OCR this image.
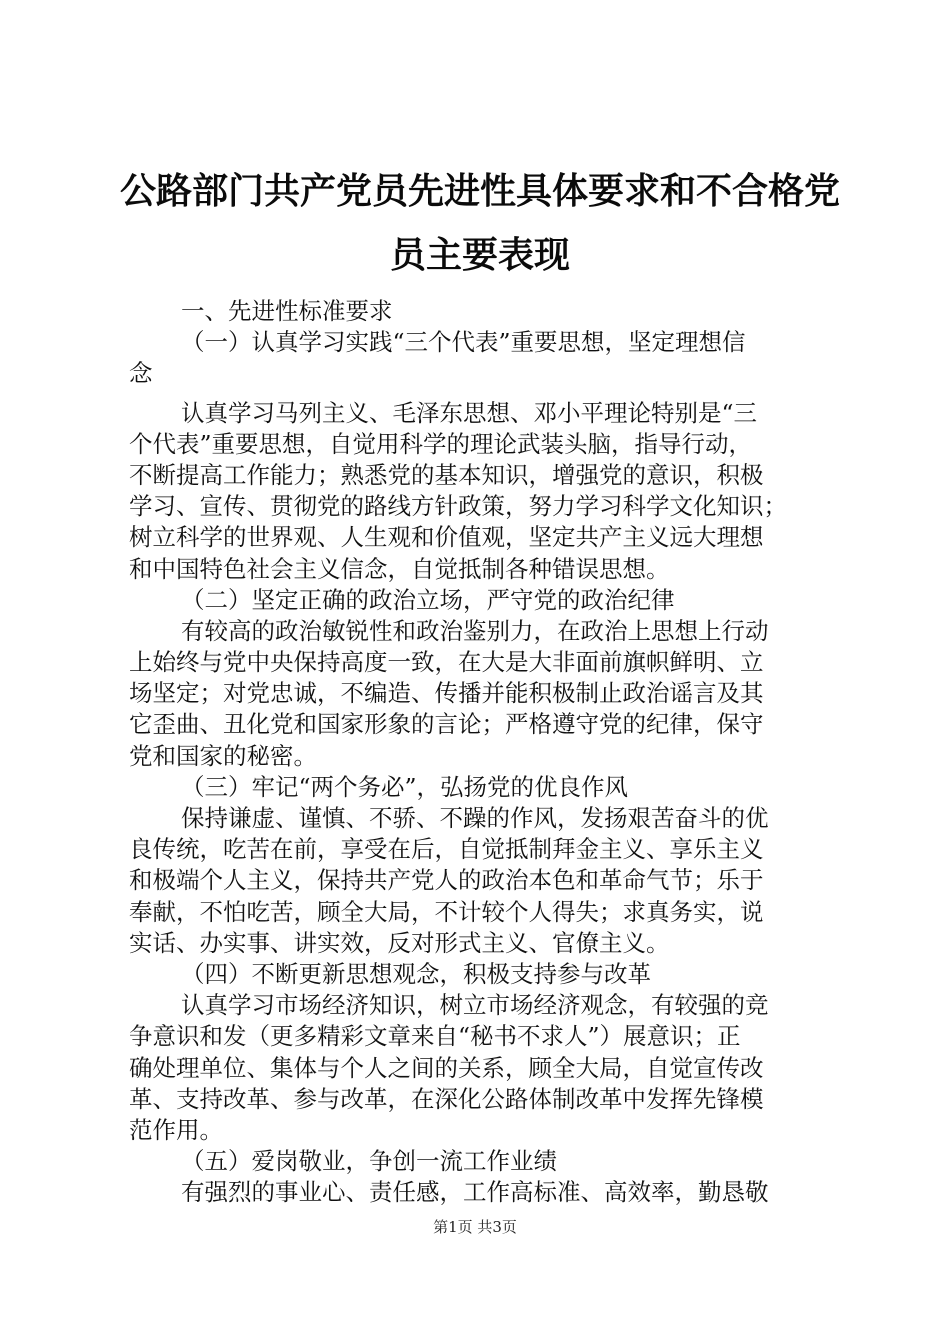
公路部门共产党员先进性具体要求和不合格党
员主要表现
一、先进性标准要求
（一）认真学习实践“三个代表”重要思想，坚定理想信
念
认真学习马列主义、毛泽东思想、邓小平理论特别是“三
个代表”重要思想，自觉用科学的理论武装头脑，指导行动，
不断提高工作能力；熟悉党的基本知识，增强党的意识，积极
学习、宣传、贯彻党的路线方针政策，努力学习科学文化知识；
树立科学的世界观、人生观和价值观，坚定共产主义远大理想
和中国特色社会主义信念，自觉抵制各种错误思想。
（二）坚定正确的政治立场，严守党的政治纪律
有较高的政治敏锐性和政治鉴别力，在政治上思想上行动
上始终与党中央保持高度一致，在大是大非面前旗帜鲜明、立
场坚定；对党忠诚，不编造、传播并能积极制止政治谣言及其
它歪曲、丑化党和国家形象的言论；严格遵守党的纪律，保守
党和国家的秘密。
（三）牢记“两个务必”，弘扬党的优良作风
保持谦虚、谨慎、不骄、不躁的作风，发扬艰苦奋斗的优
良传统，吃苦在前，享受在后，自觉抵制拜金主义、享乐主义
和极端个人主义，保持共产党人的政治本色和革命气节；乐于
奉献，不怕吃苦，顾全大局，不计较个人得失；求真务实，说
实话、办实事、讲实效，反对形式主义、官僚主义。
（四）不断更新思想观念，积极支持参与改革
认真学习市场经济知识，树立市场经济观念，有较强的竞
争意识和发（更多精彩文章来自“秘书不求人”）展意识；正
确处理单位、集体与个人之间的关系，顾全大局，自觉宣传改
革、支持改革、参与改革，在深化公路体制改革中发挥先锋模
范作用。
（五）爱岗敬业，争创一流工作业绩
有强烈的事业心、责任感，工作高标准、高效率，勤恳敬
第1页 共3页
